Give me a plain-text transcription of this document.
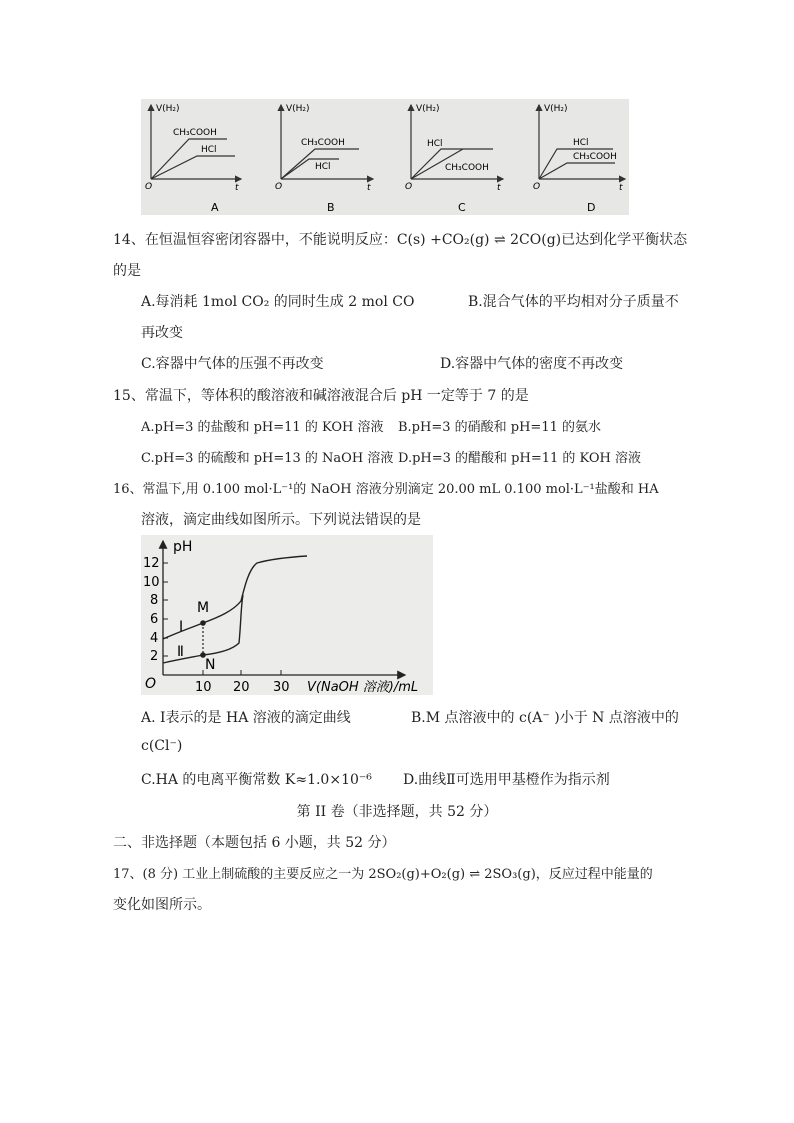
V(H₂)
O	t
CH₃COOH
HCl
A
V(H₂)
O	t
CH₃COOH
HCl
B
V(H₂)
O	t
HCl
CH₃COOH
C
V(H₂)
O	t
HCl
CH₃COOH
D
14、在恒温恒容密闭容器中，不能说明反应：C(s) +CO₂(g) ⇌ 2CO(g)已达到化学平衡状态
的是
A.每消耗 1mol CO₂ 的同时生成 2 mol CO	B.混合气体的平均相对分子质量不
再改变
C.容器中气体的压强不再改变	D.容器中气体的密度不再改变
15、常温下，等体积的酸溶液和碱溶液混合后 pH 一定等于 7 的是
A.pH=3 的盐酸和 pH=11 的 KOH 溶液 B.pH=3 的硝酸和 pH=11 的氨水
C.pH=3 的硫酸和 pH=13 的 NaOH 溶液 D.pH=3 的醋酸和 pH=11 的 KOH 溶液
16、常温下,用 0.100 mol·L⁻¹的 NaOH 溶液分别滴定 20.00 mL 0.100 mol·L⁻¹盐酸和 HA
溶液，滴定曲线如图所示。下列说法错误的是
2
4
6
8
10
12
pH
10 20 30
O	V(NaOH 溶液)/mL
M
N
Ⅰ
Ⅱ
A. Ⅰ表示的是 HA 溶液的滴定曲线	B.M 点溶液中的 c(A⁻ )小于 N 点溶液中的
c(Cl⁻)
C.HA 的电离平衡常数 K≈1.0×10⁻⁶ D.曲线Ⅱ可选用甲基橙作为指示剂
第 II 卷（非选择题，共 52 分）
二、非选择题（本题包括 6 小题，共 52 分）
17、(8 分) 工业上制硫酸的主要反应之一为 2SO₂(g)+O₂(g) ⇌ 2SO₃(g)，反应过程中能量的
变化如图所示。
